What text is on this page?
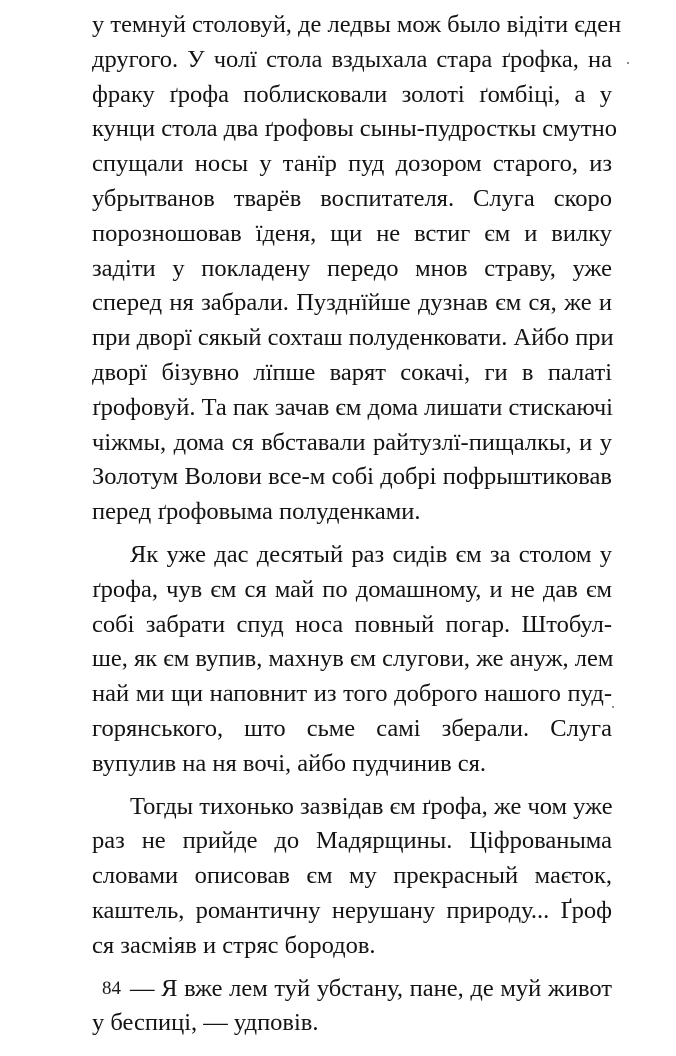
у темнуй столовуй, де ледвы мож было відіти єден
другого. У чолї стола вздыхала стара ґрофка, на
фраку ґрофа поблисковали золоті ґомбіці, а у
кунци стола два ґрофовы сыны-пудросткы смутно
спущали носы у танїр пуд дозором старого, из
убрытванов тварёв воспитателя. Слуга скоро
порозношовав їденя, щи не встиг єм и вилку
задіти у покладену передо мнов страву, уже
сперед ня забрали. Пузднїйше дузнав єм ся, же и
при дворї сякый сохташ полуденковати. Айбо при
дворї бізувно лїпше варят сокачі, ги в палаті
ґрофовуй. Та пак зачав єм дома лишати стискаючі
чіжмы, дома ся вбставали райтузлї-пищалкы, и у
Золотум Волови все-м собі добрі пофрыштиковав
перед ґрофовыма полуденками.
Як уже дас десятый раз сидів єм за столом у
ґрофа, чув єм ся май по домашному, и не дав єм
собі забрати спуд носа повный погар. Штобул-
ше, як єм вупив, махнув єм слугови, же ануж, лем
най ми щи наповнит из того доброго нашого пуд-
горянського, што сьме самі зберали. Слуга
вупулив на ня вочі, айбо пудчинив ся.
Тогды тихонько зазвідав єм ґрофа, же чом уже
раз не прийде до Мадярщины. Ціфрованыма
словами описовав єм му прекрасный маєток,
каштель, романтичну нерушану природу... Ґроф
ся засміяв и стряс бородов.
— Я вже лем туй убстану, пане, де муй живот
у беспиці, — удповів.
84
